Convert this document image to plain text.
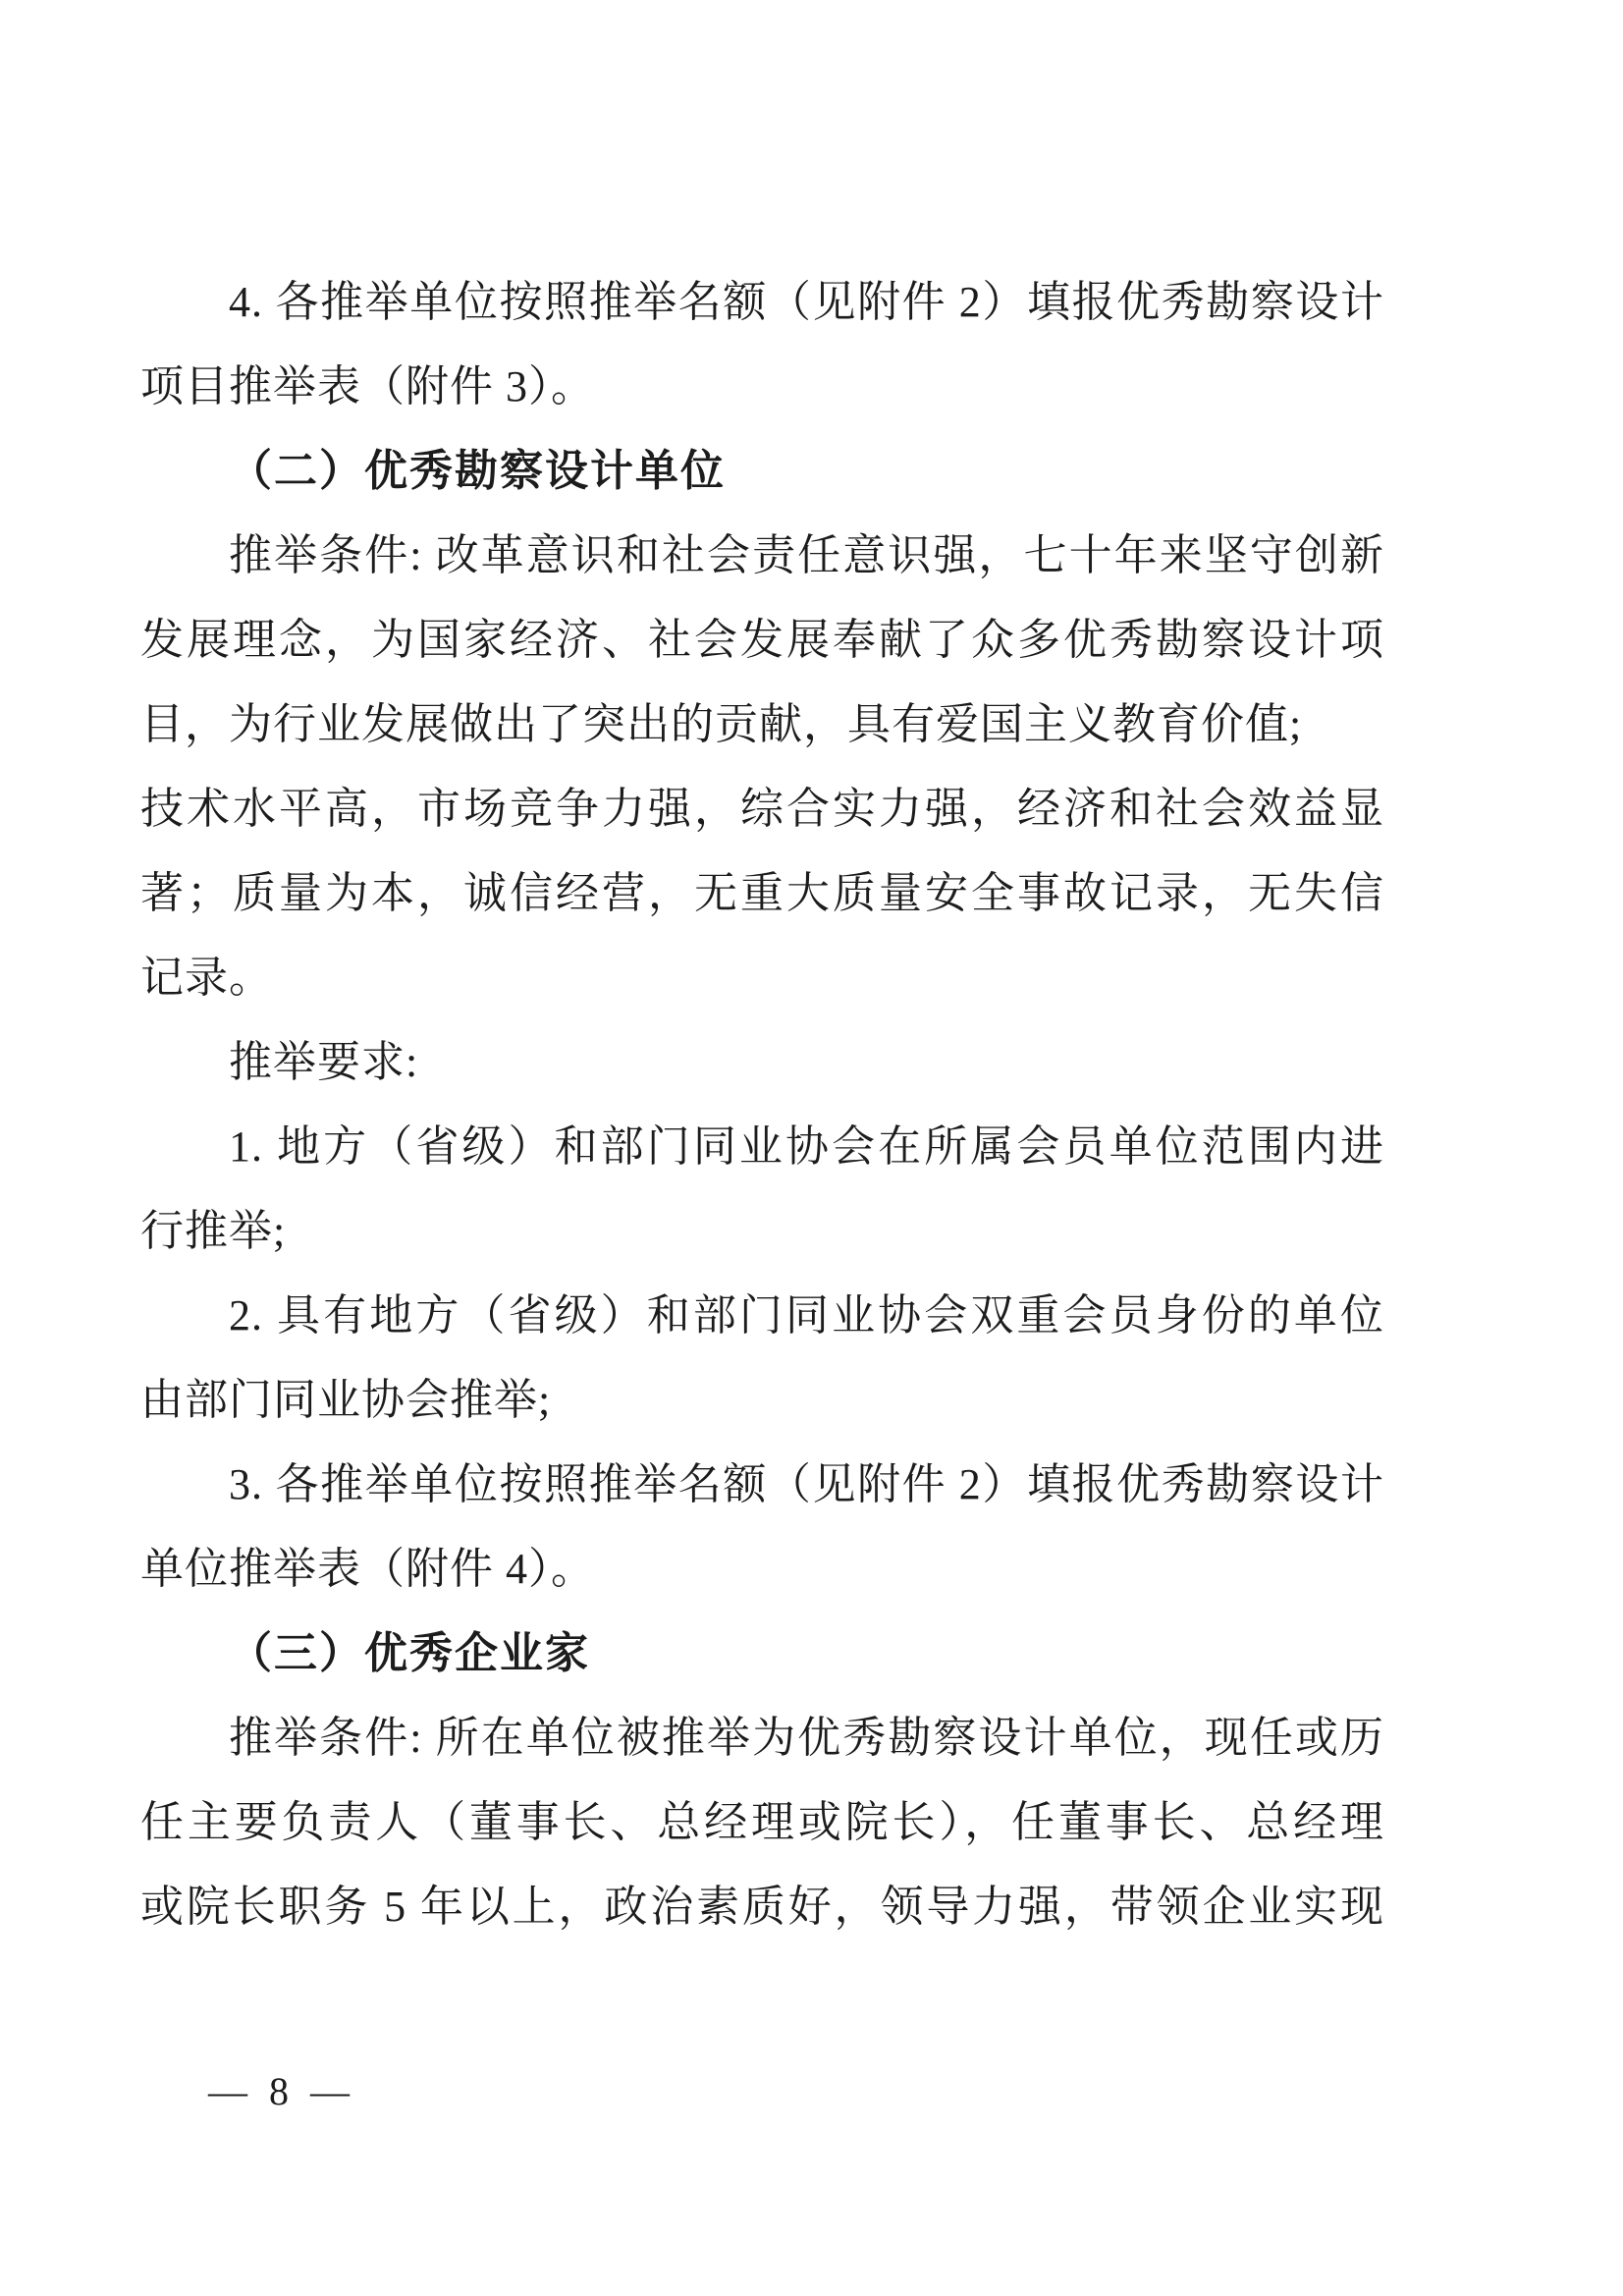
4. 各推举单位按照推举名额（见附件 2）填报优秀勘察设计
项目推举表（附件 3）。
（二）优秀勘察设计单位
推举条件: 改革意识和社会责任意识强，七十年来坚守创新
发展理念，为国家经济、社会发展奉献了众多优秀勘察设计项
目，为行业发展做出了突出的贡献，具有爱国主义教育价值;
技术水平高，市场竞争力强，综合实力强，经济和社会效益显
著；质量为本，诚信经营，无重大质量安全事故记录，无失信
记录。
推举要求:
1. 地方（省级）和部门同业协会在所属会员单位范围内进
行推举;
2. 具有地方（省级）和部门同业协会双重会员身份的单位
由部门同业协会推举;
3. 各推举单位按照推举名额（见附件 2）填报优秀勘察设计
单位推举表（附件 4）。
（三）优秀企业家
推举条件: 所在单位被推举为优秀勘察设计单位，现任或历
任主要负责人（董事长、总经理或院长），任董事长、总经理
或院长职务 5 年以上，政治素质好，领导力强，带领企业实现
— 8 —
